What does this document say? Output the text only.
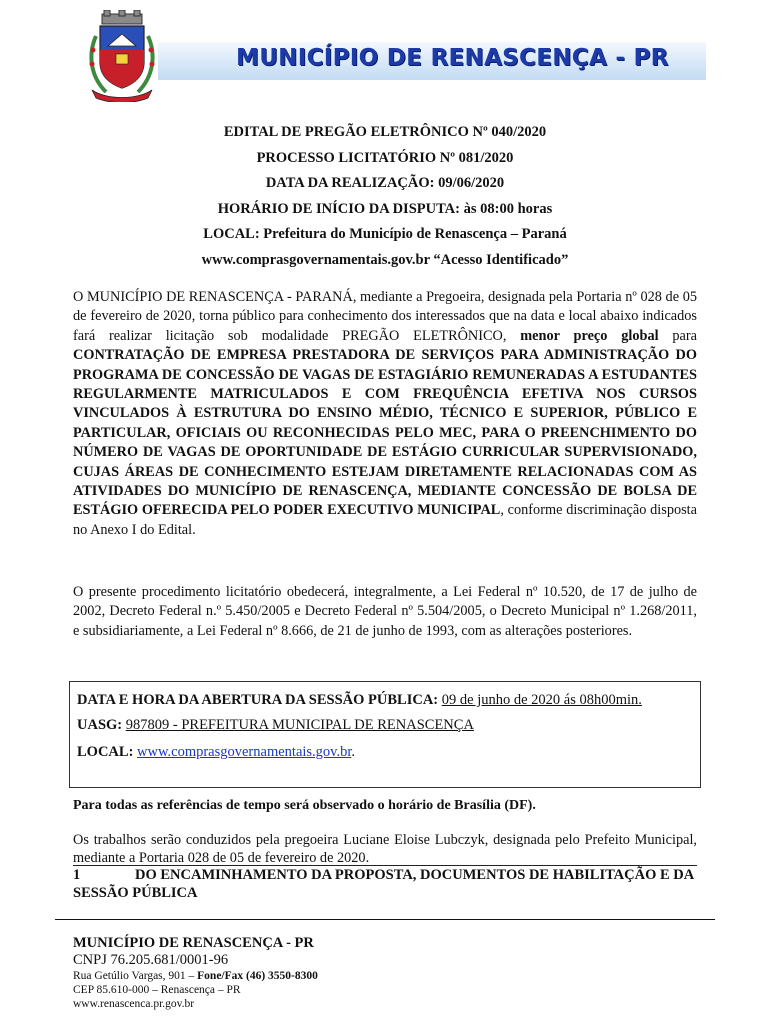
MUNICÍPIO DE RENASCENÇA - PR
EDITAL DE PREGÃO ELETRÔNICO Nº 040/2020
PROCESSO LICITATÓRIO Nº 081/2020
DATA DA REALIZAÇÃO: 09/06/2020
HORÁRIO DE INÍCIO DA DISPUTA: às 08:00 horas
LOCAL: Prefeitura do Município de Renascença – Paraná
www.comprasgovernamentais.gov.br “Acesso Identificado”
O MUNICÍPIO DE RENASCENÇA - PARANÁ, mediante a Pregoeira, designada pela Portaria nº 028 de 05 de fevereiro de 2020, torna público para conhecimento dos interessados que na data e local abaixo indicados fará realizar licitação sob modalidade PREGÃO ELETRÔNICO, menor preço global para CONTRATAÇÃO DE EMPRESA PRESTADORA DE SERVIÇOS PARA ADMINISTRAÇÃO DO PROGRAMA DE CONCESSÃO DE VAGAS DE ESTAGIÁRIO REMUNERADAS A ESTUDANTES REGULARMENTE MATRICULADOS E COM FREQUÊNCIA EFETIVA NOS CURSOS VINCULADOS À ESTRUTURA DO ENSINO MÉDIO, TÉCNICO E SUPERIOR, PÚBLICO E PARTICULAR, OFICIAIS OU RECONHECIDAS PELO MEC, PARA O PREENCHIMENTO DO NÚMERO DE VAGAS DE OPORTUNIDADE DE ESTÁGIO CURRICULAR SUPERVISIONADO, CUJAS ÁREAS DE CONHECIMENTO ESTEJAM DIRETAMENTE RELACIONADAS COM AS ATIVIDADES DO MUNICÍPIO DE RENASCENÇA, MEDIANTE CONCESSÃO DE BOLSA DE ESTÁGIO OFERECIDA PELO PODER EXECUTIVO MUNICIPAL, conforme discriminação disposta no Anexo I do Edital.
O presente procedimento licitatório obedecerá, integralmente, a Lei Federal nº 10.520, de 17 de julho de 2002, Decreto Federal n.º 5.450/2005 e Decreto Federal nº 5.504/2005, o Decreto Municipal nº 1.268/2011, e subsidiariamente, a Lei Federal nº 8.666, de 21 de junho de 1993, com as alterações posteriores.
DATA E HORA DA ABERTURA DA SESSÃO PÚBLICA: 09 de junho de 2020 ás 08h00min.
UASG: 987809 - PREFEITURA MUNICIPAL DE RENASCENÇA
LOCAL: www.comprasgovernamentais.gov.br.
Para todas as referências de tempo será observado o horário de Brasília (DF).
Os trabalhos serão conduzidos pela pregoeira Luciane Eloise Lubczyk, designada pelo Prefeito Municipal, mediante a Portaria 028 de 05 de fevereiro de 2020.
1	DO ENCAMINHAMENTO DA PROPOSTA, DOCUMENTOS DE HABILITAÇÃO E DA SESSÃO PÚBLICA
MUNICÍPIO DE RENASCENÇA - PR
CNPJ 76.205.681/0001-96
Rua Getúlio Vargas, 901 – Fone/Fax (46) 3550-8300
CEP 85.610-000 – Renascença – PR
www.renascenca.pr.gov.br
